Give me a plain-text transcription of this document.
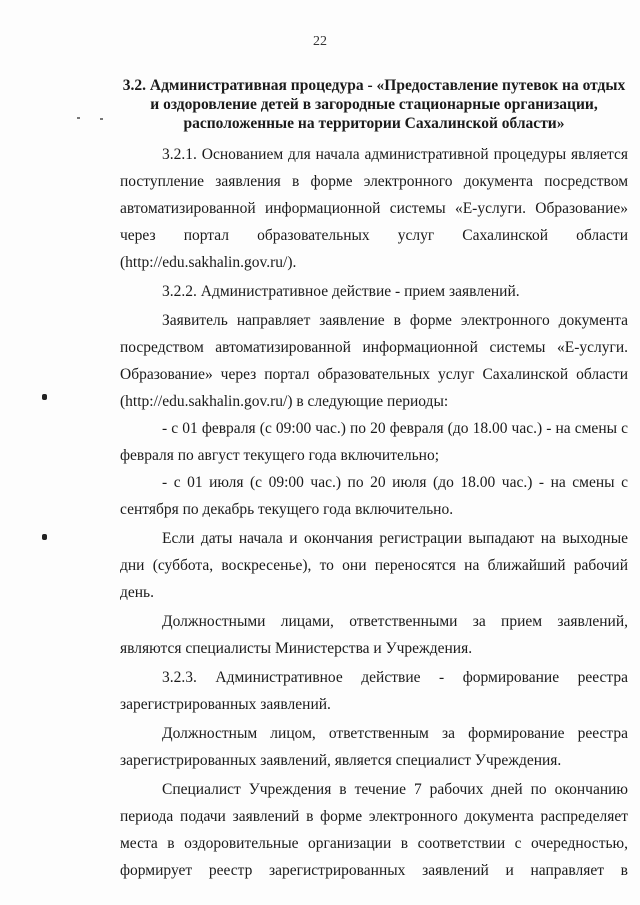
22
3.2. Административная процедура - «Предоставление путевок на отдых и оздоровление детей в загородные стационарные организации, расположенные на территории Сахалинской области»

3.2.1. Основанием для начала административной процедуры является поступление заявления в форме электронного документа посредством автоматизированной информационной системы «Е-услуги. Образование» через портал образовательных услуг Сахалинской области (http://edu.sakhalin.gov.ru/).

3.2.2. Административное действие - прием заявлений.

Заявитель направляет заявление в форме электронного документа посредством автоматизированной информационной системы «Е-услуги. Образование» через портал образовательных услуг Сахалинской области (http://edu.sakhalin.gov.ru/) в следующие периоды:

- с 01 февраля (с 09:00 час.) по 20 февраля (до 18.00 час.) - на смены с февраля по август текущего года включительно;

- с 01 июля (с 09:00 час.) по 20 июля (до 18.00 час.) - на смены с сентября по декабрь текущего года включительно.

Если даты начала и окончания регистрации выпадают на выходные дни (суббота, воскресенье), то они переносятся на ближайший рабочий день.

Должностными лицами, ответственными за прием заявлений, являются специалисты Министерства и Учреждения.

3.2.3. Административное действие - формирование реестра зарегистрированных заявлений.

Должностным лицом, ответственным за формирование реестра зарегистрированных заявлений, является специалист Учреждения.

Специалист Учреждения в течение 7 рабочих дней по окончанию периода подачи заявлений в форме электронного документа распределяет места в оздоровительные организации в соответствии с очередностью, формирует реестр зарегистрированных заявлений и направляет в
